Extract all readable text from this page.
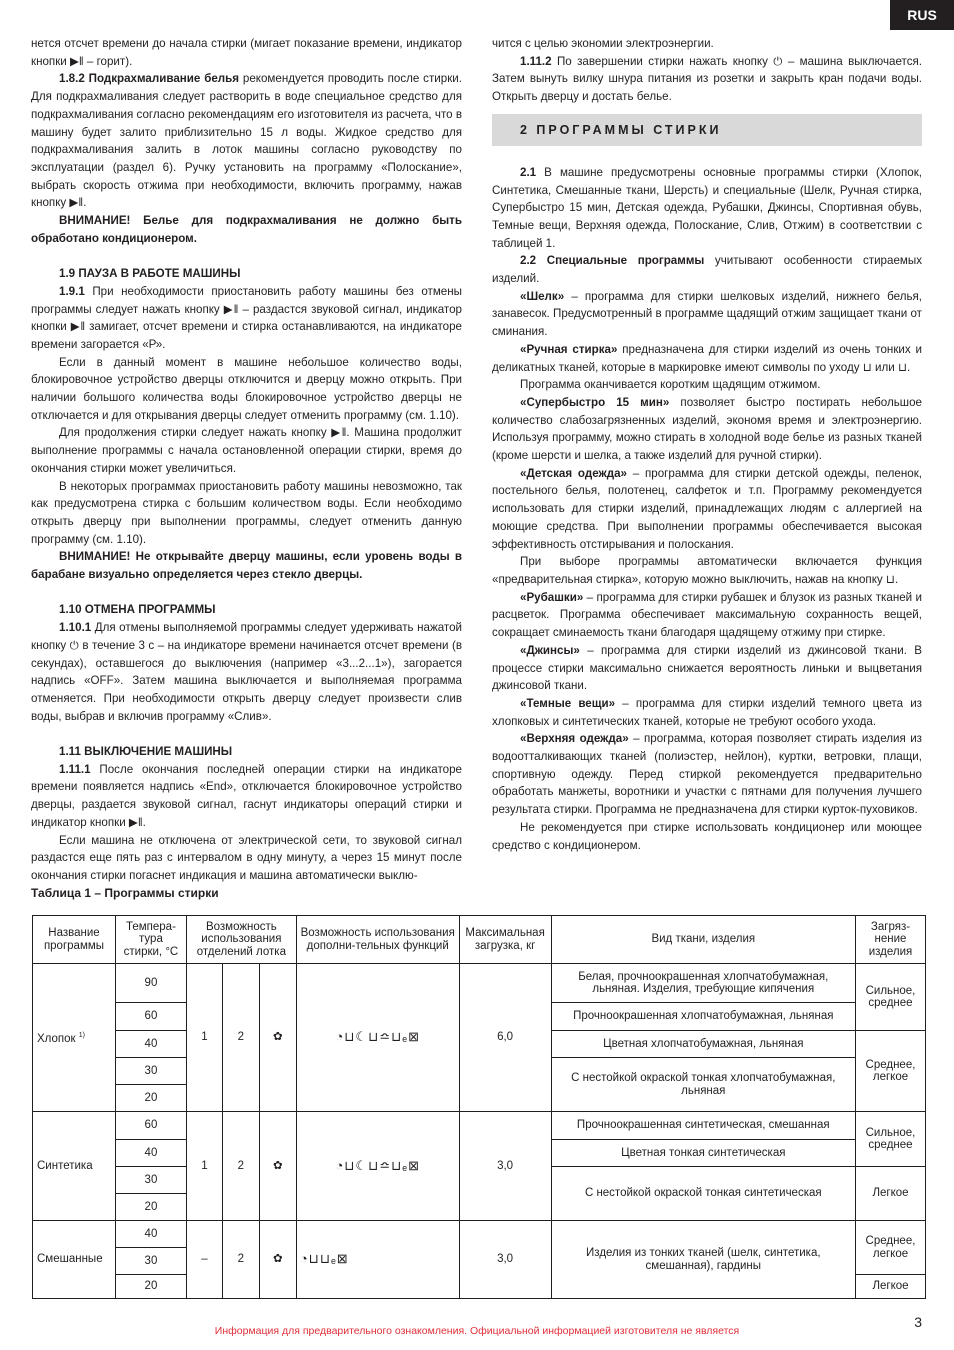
RUS
нется отсчет времени до начала стирки (мигает показание времени, индикатор кнопки ▶ǁ – горит).
1.8.2 Подкрахмаливание белья рекомендуется проводить после стирки. Для подкрахмаливания следует растворить в воде специальное средство для подкрахмаливания согласно рекомендациям его изготовителя из расчета, что в машину будет залито приблизительно 15 л воды. Жидкое средство для подкрахмаливания залить в лоток машины согласно руководству по эксплуатации (раздел 6). Ручку установить на программу «Полоскание», выбрать скорость отжима при необходимости, включить программу, нажав кнопку ▶ǁ.
ВНИМАНИЕ! Белье для подкрахмаливания не должно быть обработано кондиционером.
1.9 ПАУЗА В РАБОТЕ МАШИНЫ
1.9.1 При необходимости приостановить работу машины без отмены программы следует нажать кнопку ▶ǁ – раздастся звуковой сигнал, индикатор кнопки ▶ǁ замигает, отсчет времени и стирка останавливаются, на индикаторе времени загорается «Р».
Если в данный момент в машине небольшое количество воды, блокировочное устройство дверцы отключится и дверцу можно открыть. При наличии большого количества воды блокировочное устройство дверцы не отключается и для открывания дверцы следует отменить программу (см. 1.10).
Для продолжения стирки следует нажать кнопку ▶ǁ. Машина продолжит выполнение программы с начала остановленной операции стирки, время до окончания стирки может увеличиться.
В некоторых программах приостановить работу машины невозможно, так как предусмотрена стирка с большим количеством воды. Если необходимо открыть дверцу при выполнении программы, следует отменить данную программу (см. 1.10).
ВНИМАНИЕ! Не открывайте дверцу машины, если уровень воды в барабане визуально определяется через стекло дверцы.
1.10 ОТМЕНА ПРОГРАММЫ
1.10.1 Для отмены выполняемой программы следует удерживать нажатой кнопку ⏻ в течение 3 с – на индикаторе времени начинается отсчет времени (в секундах), оставшегося до выключения (например «3...2...1»), загорается надпись «OFF». Затем машина выключается и выполняемая программа отменяется. При необходимости открыть дверцу следует произвести слив воды, выбрав и включив программу «Слив».
1.11 ВЫКЛЮЧЕНИЕ МАШИНЫ
1.11.1 После окончания последней операции стирки на индикаторе времени появляется надпись «End», отключается блокировочное устройство дверцы, раздается звуковой сигнал, гаснут индикаторы операций стирки и индикатор кнопки ▶ǁ.
Если машина не отключена от электрической сети, то звуковой сигнал раздастся еще пять раз с интервалом в одну минуту, а через 15 минут после окончания стирки погаснет индикация и машина автоматически выклю-
чится с целью экономии электроэнергии.
1.11.2 По завершении стирки нажать кнопку ⏻ – машина выключается. Затем вынуть вилку шнура питания из розетки и закрыть кран подачи воды. Открыть дверцу и достать белье.
2 ПРОГРАММЫ СТИРКИ
2.1 В машине предусмотрены основные программы стирки (Хлопок, Синтетика, Смешанные ткани, Шерсть) и специальные (Шелк, Ручная стирка, Супербыстро 15 мин, Детская одежда, Рубашки, Джинсы, Спортивная обувь, Темные вещи, Верхняя одежда, Полоскание, Слив, Отжим) в соответствии с таблицей 1.
2.2 Специальные программы учитывают особенности стираемых изделий.
«Шелк» – программа для стирки шелковых изделий, нижнего белья, занавесок. Предусмотренный в программе щадящий отжим защищает ткани от сминания.
«Ручная стирка» предназначена для стирки изделий из очень тонких и деликатных тканей, которые в маркировке имеют символы по уходу ⊔ или ⊔.
Программа оканчивается коротким щадящим отжимом.
«Супербыстро 15 мин» позволяет быстро постирать небольшое количество слабозагрязненных изделий, экономя время и электроэнергию. Используя программу, можно стирать в холодной воде белье из разных тканей (кроме шерсти и шелка, а также изделий для ручной стирки).
«Детская одежда» – программа для стирки детской одежды, пеленок, постельного белья, полотенец, салфеток и т.п. Программу рекомендуется использовать для стирки изделий, принадлежащих людям с аллергией на моющие средства. При выполнении программы обеспечивается высокая эффективность отстирывания и полоскания.
При выборе программы автоматически включается функция «предварительная стирка», которую можно выключить, нажав на кнопку ⊔.
«Рубашки» – программа для стирки рубашек и блузок из разных тканей и расцветок. Программа обеспечивает максимальную сохранность вещей, сокращает сминаемость ткани благодаря щадящему отжиму при стирке.
«Джинсы» – программа для стирки изделий из джинсовой ткани. В процессе стирки максимально снижается вероятность линьки и выцветания джинсовой ткани.
«Темные вещи» – программа для стирки изделий темного цвета из хлопковых и синтетических тканей, которые не требуют особого ухода.
«Верхняя одежда» – программа, которая позволяет стирать изделия из водоотталкивающих тканей (полиэстер, нейлон), куртки, ветровки, плащи, спортивную одежду. Перед стиркой рекомендуется предварительно обработать манжеты, воротники и участки с пятнами для получения лучшего результата стирки. Программа не предназначена для стирки курток-пуховиков.
Не рекомендуется при стирке использовать кондиционер или моющее средство с кондиционером.
Таблица 1 – Программы стирки
Название программы	Темпера-тура стирки, °С	Возможность использования отделений лотка			Возможность использования дополни-тельных функций	Максимальная загрузка, кг	Вид ткани, изделия	Загряз-нение изделия
Хлопок $^{1)}$	90	1	2	✿	◔⊔☾⊔≏⊔ₑ⊠	6,0	Белая, прочноокрашенная хлопчатобумажная, льняная. Изделия, требующие кипячения	Сильное, среднее
	60						Прочноокрашенная хлопчатобумажная, льняная	
	40						Цветная хлопчатобумажная, льняная	Среднее, легкое
	30						С нестойкой окраской тонкая хлопчатобумажная, льняная	
	20							
Синтетика	60	1	2	✿	◔⊔☾⊔≏⊔ₑ⊠	3,0	Прочноокрашенная синтетическая, смешанная	Сильное, среднее
	40						Цветная тонкая синтетическая	
	30						С нестойкой окраской тонкая синтетическая	Легкое
	20							
Смешанные	40	–	2	✿	◔⊔⊔ₑ⊠	3,0	Изделия из тонких тканей (шелк, синтетика, смешанная), гардины	Среднее, легкое
	30							
	20							Легкое
3
Информация для предварительного ознакомления. Официальной информацией изготовителя не является
